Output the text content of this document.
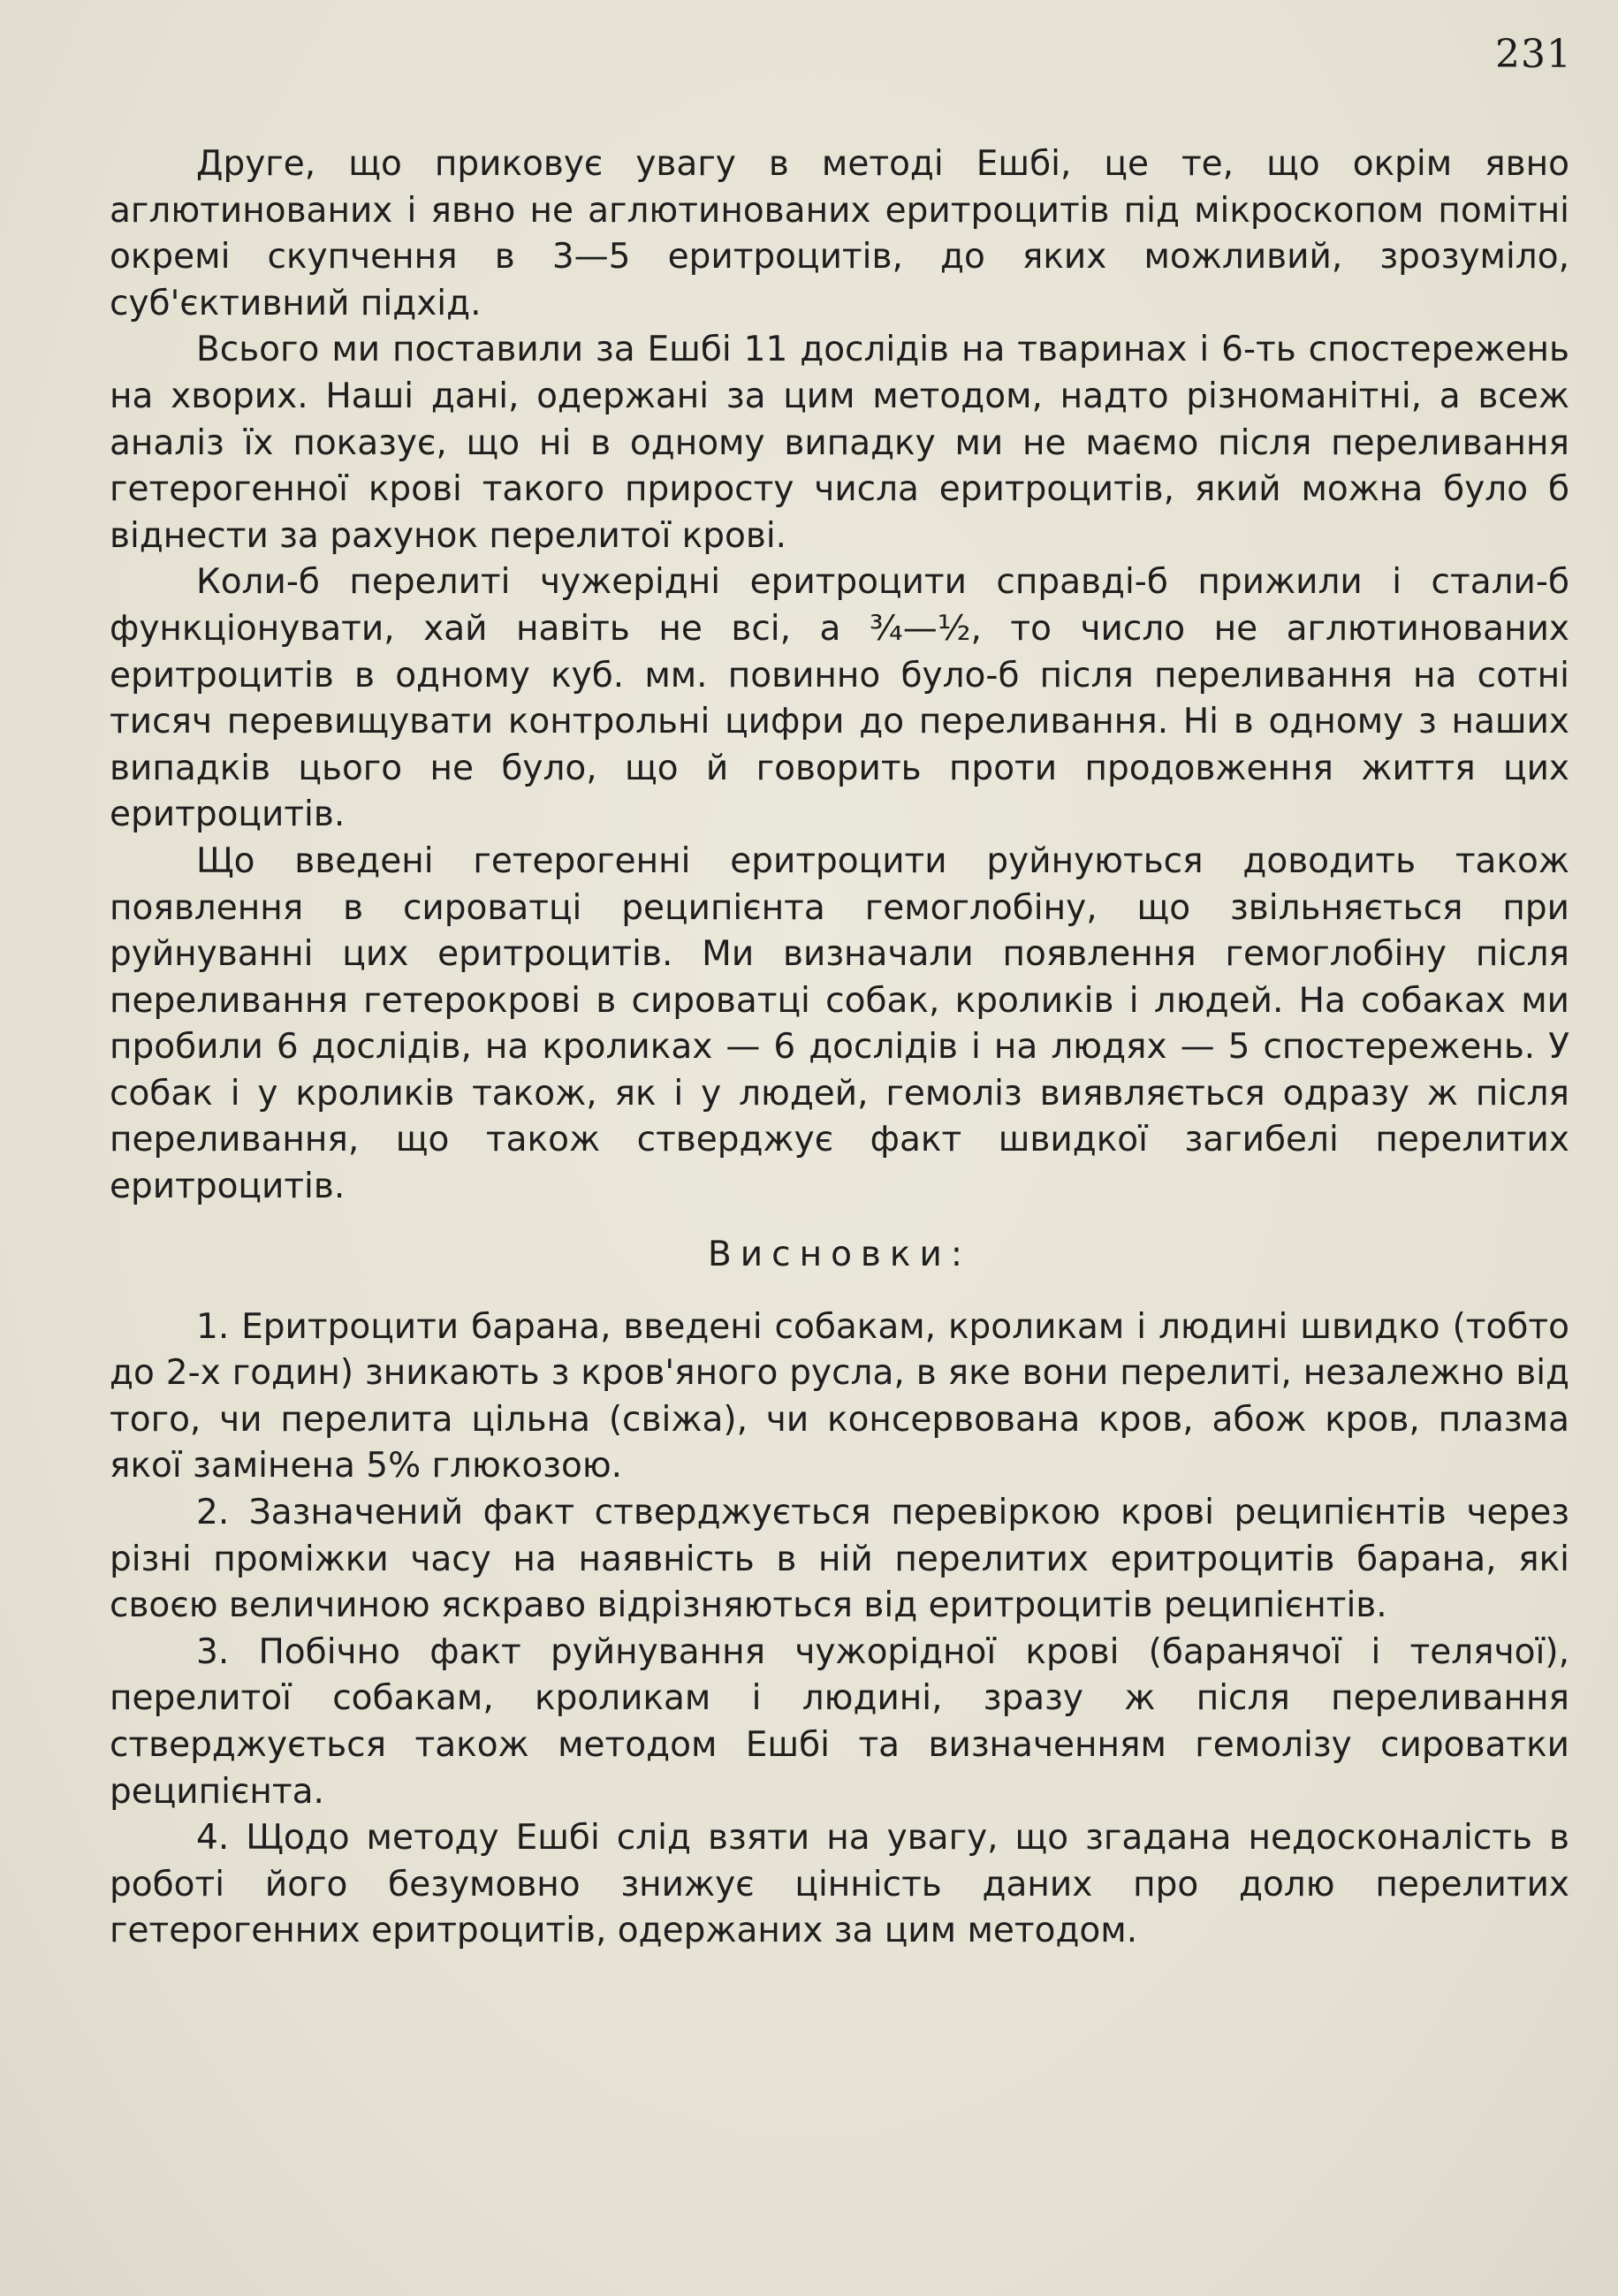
231

Друге, що приковує увагу в методі Ешбі, це те, що окрім явно аглютинованих і явно не аглютинованих еритроцитів під мікроскопом помітні окремі скупчення в 3—5 еритроцитів, до яких можливий, зрозуміло, суб'єктивний підхід.

Всього ми поставили за Ешбі 11 дослідів на тваринах і 6-ть спостережень на хворих. Наші дані, одержані за цим методом, надто різноманітні, а всеж аналіз їх показує, що ні в одному випадку ми не маємо після переливання гетерогенної крові такого приросту числа еритроцитів, який можна було б віднести за рахунок перелитої крові.

Коли-б перелиті чужерідні еритроцити справді-б прижили і стали-б функціонувати, хай навіть не всі, а ¾—½, то число не аглютинованих еритроцитів в одному куб. мм. повинно було-б після переливання на сотні тисяч перевищувати контрольні цифри до переливання. Ні в одному з наших випадків цього не було, що й говорить проти продовження життя цих еритроцитів.

Що введені гетерогенні еритроцити руйнуються доводить також появлення в сироватці реципієнта гемоглобіну, що звільняється при руйнуванні цих еритроцитів. Ми визначали появлення гемоглобіну після переливання гетерокрові в сироватці собак, кроликів і людей. На собаках ми пробили 6 дослідів, на кроликах — 6 дослідів і на людях — 5 спостережень. У собак і у кроликів також, як і у людей, гемоліз виявляється одразу ж після переливання, що також стверджує факт швидкої загибелі перелитих еритроцитів.

Висновки:

1. Еритроцити барана, введені собакам, кроликам і людині швидко (тобто до 2-х годин) зникають з кров'яного русла, в яке вони перелиті, незалежно від того, чи перелита цільна (свіжа), чи консервована кров, абож кров, плазма якої замінена 5% глюкозою.

2. Зазначений факт стверджується перевіркою крові реципієнтів через різні проміжки часу на наявність в ній перелитих еритроцитів барана, які своєю величиною яскраво відрізняються від еритроцитів реципієнтів.

3. Побічно факт руйнування чужорідної крові (баранячої і телячої), перелитої собакам, кроликам і людині, зразу ж після переливання стверджується також методом Ешбі та визначенням гемолізу сироватки реципієнта.

4. Щодо методу Ешбі слід взяти на увагу, що згадана недосконаліcть в роботі його безумовно знижує цінність даних про долю перелитих гетерогенних еритроцитів, одержаних за цим методом.
